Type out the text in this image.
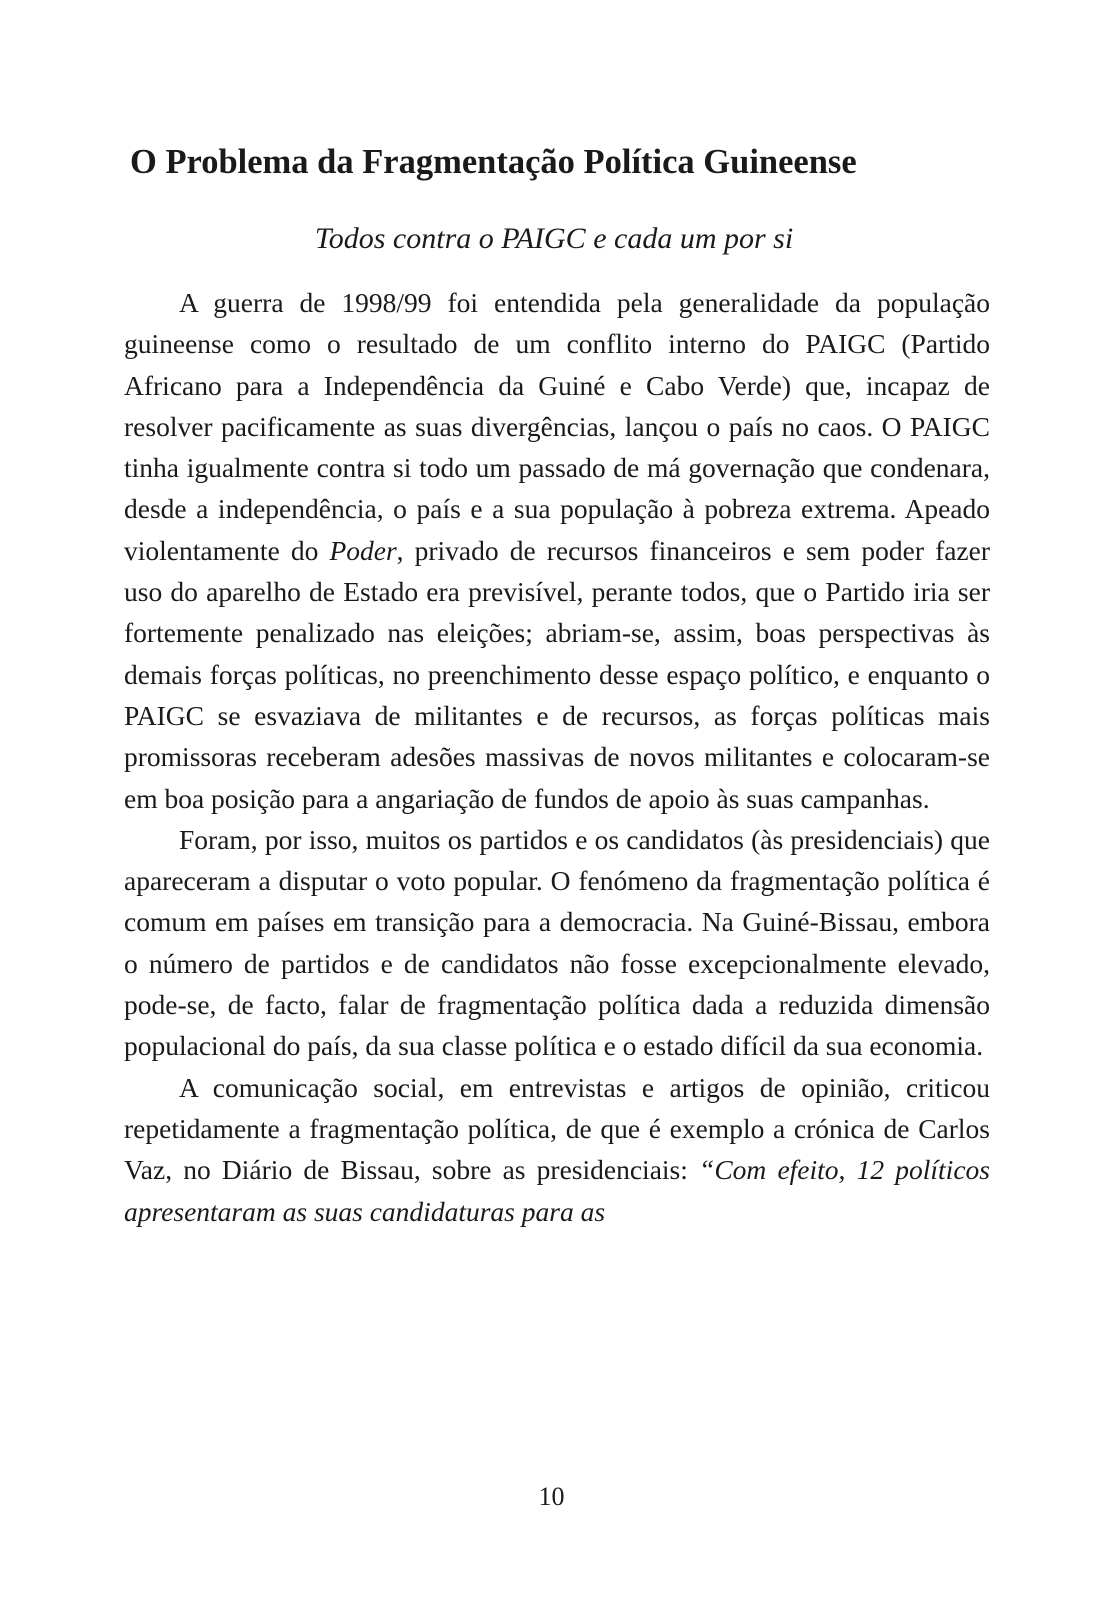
O Problema da Fragmentação Política Guineense

Todos contra o PAIGC e cada um por si

A guerra de 1998/99 foi entendida pela generalidade da população guineense como o resultado de um conflito interno do PAIGC (Partido Africano para a Independência da Guiné e Cabo Verde) que, incapaz de resolver pacificamente as suas divergências, lançou o país no caos. O PAIGC tinha igualmente contra si todo um passado de má governação que condenara, desde a independência, o país e a sua população à pobreza extrema. Apeado violentamente do Poder, privado de recursos financeiros e sem poder fazer uso do aparelho de Estado era previsível, perante todos, que o Partido iria ser fortemente penalizado nas eleições; abriam-se, assim, boas perspectivas às demais forças políticas, no preenchimento desse espaço político, e enquanto o PAIGC se esvaziava de militantes e de recursos, as forças políticas mais promissoras receberam adesões massivas de novos militantes e colocaram-se em boa posição para a angariação de fundos de apoio às suas campanhas.

Foram, por isso, muitos os partidos e os candidatos (às presidenciais) que apareceram a disputar o voto popular. O fenómeno da fragmentação política é comum em países em transição para a democracia. Na Guiné-Bissau, embora o número de partidos e de candidatos não fosse excepcionalmente elevado, pode-se, de facto, falar de fragmentação política dada a reduzida dimensão populacional do país, da sua classe política e o estado difícil da sua economia.

A comunicação social, em entrevistas e artigos de opinião, criticou repetidamente a fragmentação política, de que é exemplo a crónica de Carlos Vaz, no Diário de Bissau, sobre as presidenciais: “Com efeito, 12 políticos apresentaram as suas candidaturas para as

10
